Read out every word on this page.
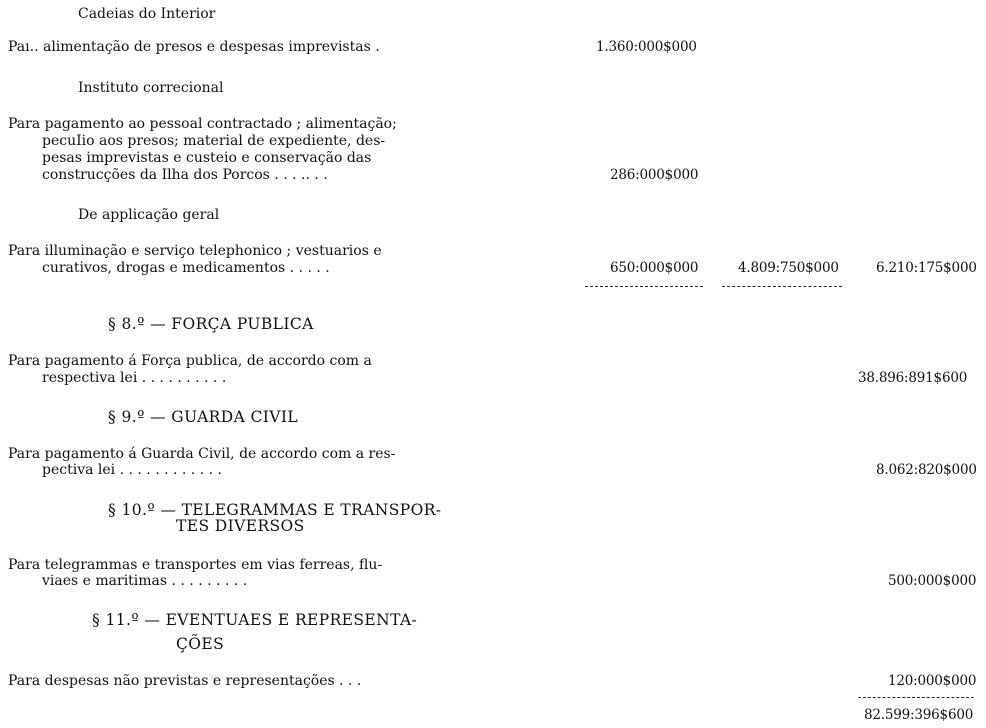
Cadeias do Interior
Paı.. alimentação de presos e despesas imprevistas .	1.360:000$000
Instituto correcional
Para pagamento ao pessoal contractado ; alimentação;
pecuIio aos presos; material de expediente, des-
pesas imprevistas e custeio e conservação das
construcções da Ilha dos Porcos . . . .. . .	286:000$000
De applicação geral
Para illuminação e serviço telephonico ; vestuarios e
curativos, drogas e medicamentos . . . . .	650:000$000	4.809:750$000	6.210:175$000
§ 8.º — FORÇA PUBLICA
Para pagamento á Força publica, de accordo com a
respectiva lei . . . . . . . . . .	38.896:891$600
§ 9.º — GUARDA CIVIL
Para pagamento á Guarda Civil, de accordo com a res-
pectiva lei . . . . . . . . . . . .	8.062:820$000
§ 10.º — TELEGRAMMAS E TRANSPOR-
TES DIVERSOS
Para telegrammas e transportes em vias ferreas, flu-
viaes e maritimas . . . . . . . . .	500:000$000
§ 11.º — EVENTUAES E REPRESENTA-
ÇÕES
Para despesas não previstas e representações . . .	120:000$000
82.599:396$600
